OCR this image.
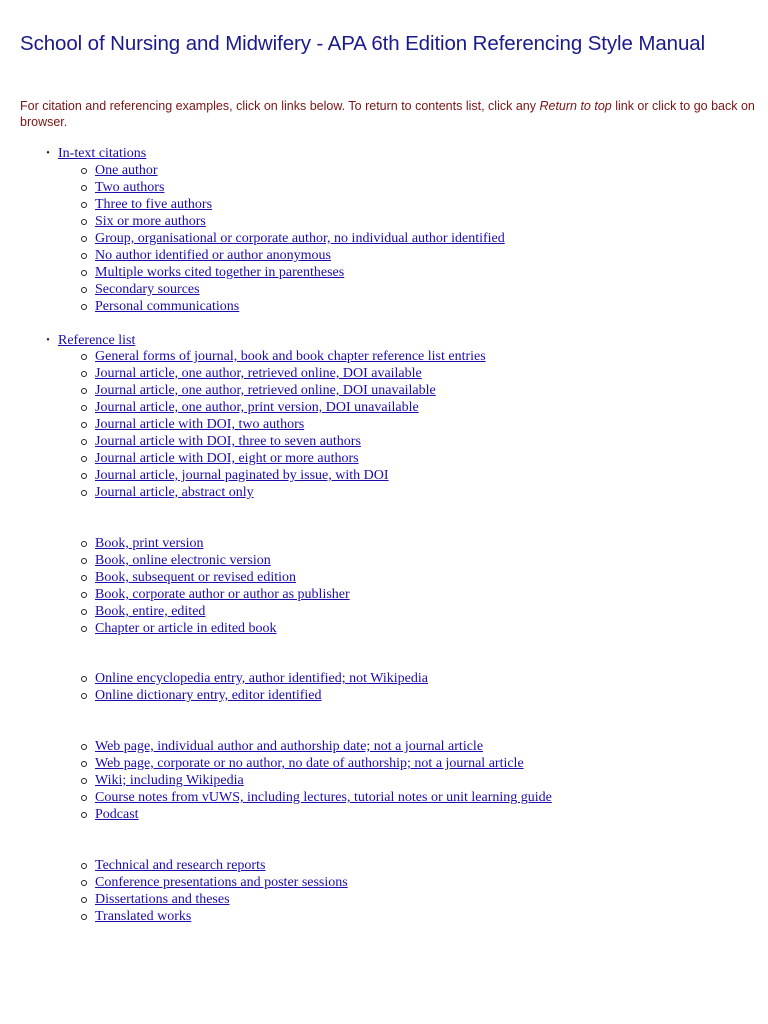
School of Nursing and Midwifery - APA 6th Edition Referencing Style Manual

For citation and referencing examples, click on links below. To return to contents list, click any Return to top link or click to go back on browser.

• In-text citations
One author
Two authors
Three to five authors
Six or more authors
Group, organisational or corporate author, no individual author identified
No author identified or author anonymous
Multiple works cited together in parentheses
Secondary sources
Personal communications
• Reference list
General forms of journal, book and book chapter reference list entries
Journal article, one author, retrieved online, DOI available
Journal article, one author, retrieved online, DOI unavailable
Journal article, one author, print version, DOI unavailable
Journal article with DOI, two authors
Journal article with DOI, three to seven authors
Journal article with DOI, eight or more authors
Journal article, journal paginated by issue, with DOI
Journal article, abstract only
Book, print version
Book, online electronic version
Book, subsequent or revised edition
Book, corporate author or author as publisher
Book, entire, edited
Chapter or article in edited book
Online encyclopedia entry, author identified; not Wikipedia
Online dictionary entry, editor identified
Web page, individual author and authorship date; not a journal article
Web page, corporate or no author, no date of authorship; not a journal article
Wiki; including Wikipedia
Course notes from vUWS, including lectures, tutorial notes or unit learning guide
Podcast
Technical and research reports
Conference presentations and poster sessions
Dissertations and theses
Translated works
